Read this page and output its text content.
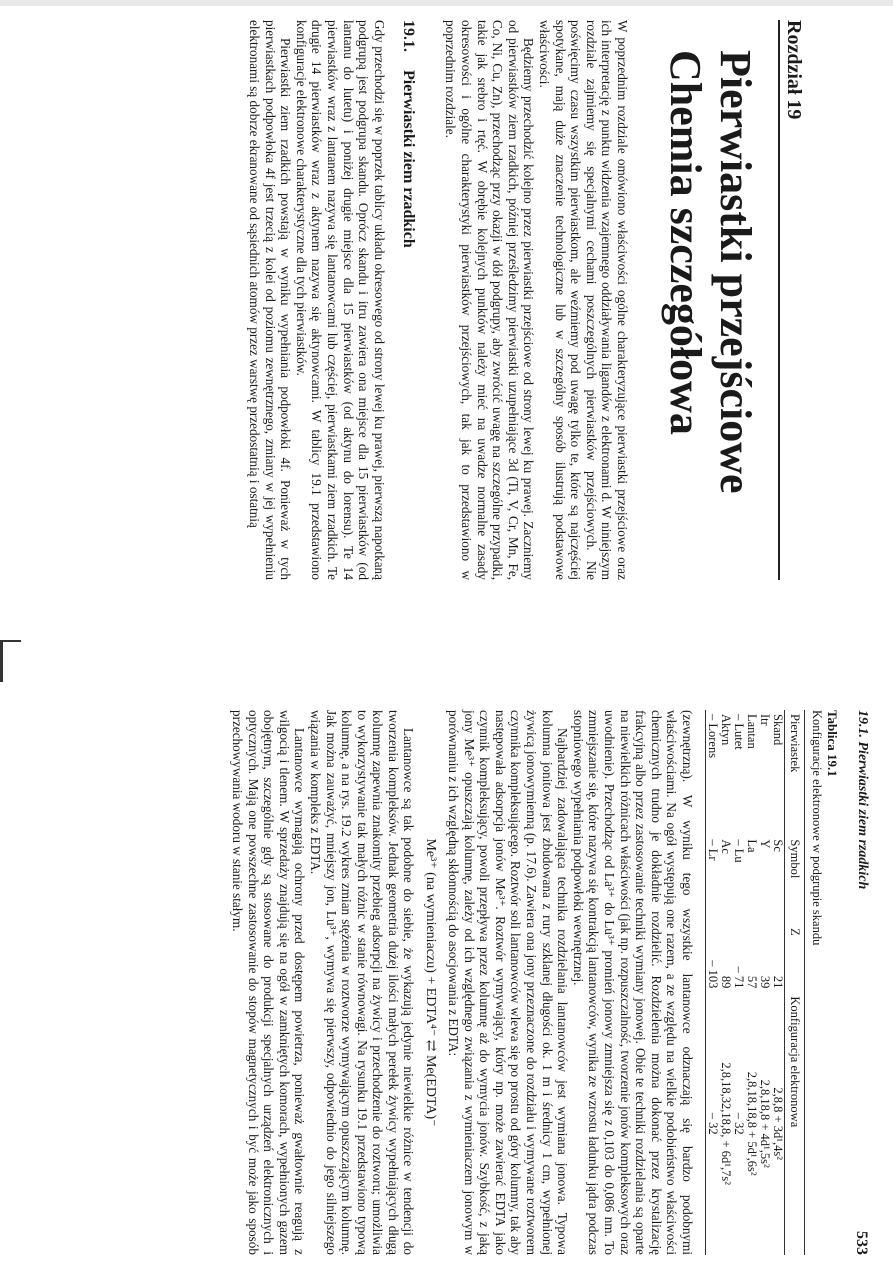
Rozdział 19
Pierwiastki przejściowe
Chemia szczegółowa

W poprzednim rozdziale omówiono właściwości ogólne charakteryzujące pierwiastki przejściowe oraz ich interpretację z punktu widzenia wzajemnego oddziaływania ligandów z elektronami d. W niniejszym rozdziale zajmiemy się specjalnymi cechami poszczególnych pierwiastków przejściowych. Nie poświęcimy czasu wszystkim pierwiastkom, ale weźmiemy pod uwagę tylko te, które są najczęściej spotykane, mają duże znaczenie technologiczne lub w szczególny sposób ilustrują podstawowe właściwości.

Będziemy przechodzić kolejno przez pierwiastki przejściowe od strony lewej ku prawej. Zaczniemy od pierwiastków ziem rzadkich, później prześledzimy pierwiastki uzupełniające 3d (Ti, V, Cr, Mn, Fe, Co, Ni, Cu, Zn), przechodząc przy okazji w dół podgrupy, aby zwrócić uwagę na szczególne przypadki, takie jak srebro i rtęć. W obrębie kolejnych punktów należy mieć na uwadze normalne zasady okresowości i ogólne charakterystyki pierwiastków przejściowych, tak jak to przedstawiono w poprzednim rozdziale.

19.1. Pierwiastki ziem rzadkich

Gdy przechodzi się w poprzek tablicy układu okresowego od strony lewej ku prawej, pierwszą napotkaną podgrupą jest podgrupa skandu. Oprócz skandu i itru zawiera ona miejsce dla 15 pierwiastków (od lantanu do lutetu) i poniżej drugie miejsce dla 15 pierwiastków (od aktynu do lorensu). Te 14 pierwiastków wraz z lantanem nazywa się lantanowcami lub częściej, pierwiastkami ziem rzadkich. Te drugie 14 pierwiastków wraz z aktynem nazywa się aktynowcami. W tablicy 19.1 przedstawiono konfiguracje elektronowe charakterystyczne dla tych pierwiastków.

Pierwiastki ziem rzadkich powstają w wyniku wypełniania podpowłoki 4f. Ponieważ w tych pierwiastkach podpowłoka 4f jest trzecią z kolei od poziomu zewnętrznego, zmiany w jej wypełnieniu elektronami są dobrze ekranowane od sąsiednich atomów przez warstwę przedostatnią i ostatnią

19.1. Pierwiastki ziem rzadkich
533
Tablica 19.1
Konfiguracje elektronowe w podgrupie skandu
Pierwiastek	Symbol	Z	Konfiguracja elektronowa
Skand	Sc	21	2,8,8 + 3d¹,4s²
Itr	Y	39	2,8,18,8 + 4d¹,5s²
Lantan	La	57	2,8,18,18,8 + 5d¹,6s²
– Lutet	– Lu	– 71	– 32
Aktyn	Ac	89	2,8,18,32,18,8, + 6d¹,7s²
– Lorens	– Lr	– 103	– 32

(zewnętrzną). W wyniku tego wszystkie lantanowce odznaczają się bardzo podobnymi właściwościami. Na ogół występują one razem, a ze względu na wielkie podobieństwo właściwości chemicznych trudno je dokładnie rozdzielić. Rozdzielenia można dokonać przez krystalizację frakcyjną albo przez zastosowanie techniki wymiany jonowej. Obie te techniki rozdzielania są oparte na niewielkich różnicach właściwości (jak np. rozpuszczalność, tworzenie jonów kompleksowych oraz uwodnienie). Przechodząc od La³⁺ do Lu³⁺ promień jonowy zmniejsza się z 0,103 do 0,086 nm. To zmniejszanie się, które nazywa się kontrakcją lantanowców, wynika ze wzrostu ładunku jądra podczas stopniowego wypełniania podpowłoki wewnętrznej.

Najbardziej zadowalająca technika rozdzielania lantanowców jest wymiana jonowa. Typowa kolumna jonitowa jest zbudowana z rury szklanej długości ok. 1 m i średnicy 1 cm, wypełnionej żywicą jonowymienną (p. 17.6). Zawiera ona jony przeznaczone do rozdziału i wymywane roztworem czynnika kompleksującego. Roztwór soli lantanowców wlewa się po prostu od góry kolumny, tak aby następowała adsorpcja jonów Me³⁺. Roztwór wymywający, który np. może zawierać EDTA jako czynnik kompleksujący, powoli przepływa przez kolumnę aż do wymycia jonów. Szybkość, z jaką jony Me³⁺ opuszczają kolumnę, zależy od ich względnego związania z wymieniaczem jonowym w porównaniu z ich względną skłonnością do asocjowania z EDTA:

Me³⁺ (na wymieniaczu) + EDTA⁴⁻ ⇄ Me(EDTA)⁻

Lantanowce są tak podobne do siebie, że wykazują jedynie niewielkie różnice w tendencji do tworzenia kompleksów. Jednak geometria dużej ilości małych perełek żywicy wypełniających długą kolumnę zapewnia znakomity przebieg adsorpcji na żywicy i przechodzenie do roztworu; umożliwia to wykorzystywanie tak małych różnic w stanie równowagi. Na rysunku 19.1 przedstawiono typową kolumnę, a na rys. 19.2 wykres zmian stężenia w roztworze wymywającym opuszczającym kolumnę. Jak można zauważyć, mniejszy jon, Lu³⁺, wymywa się pierwszy, odpowiednio do jego silniejszego wiązania w kompleks z EDTA.

Lantanowce wymagają ochrony przed dostępem powietrza, ponieważ gwałtownie reagują z wilgocią i tlenem. W sprzedaży znajdują się na ogół w zamkniętych komorach, wypełnionych gazem obojętnym, szczególnie gdy są stosowane do produkcji specjalnych urządzeń elektronicznych i optycznych. Mają one powszechne zastosowanie do stopów magnetycznych i być może jako sposób przechowywania wodoru w stanie stałym.
